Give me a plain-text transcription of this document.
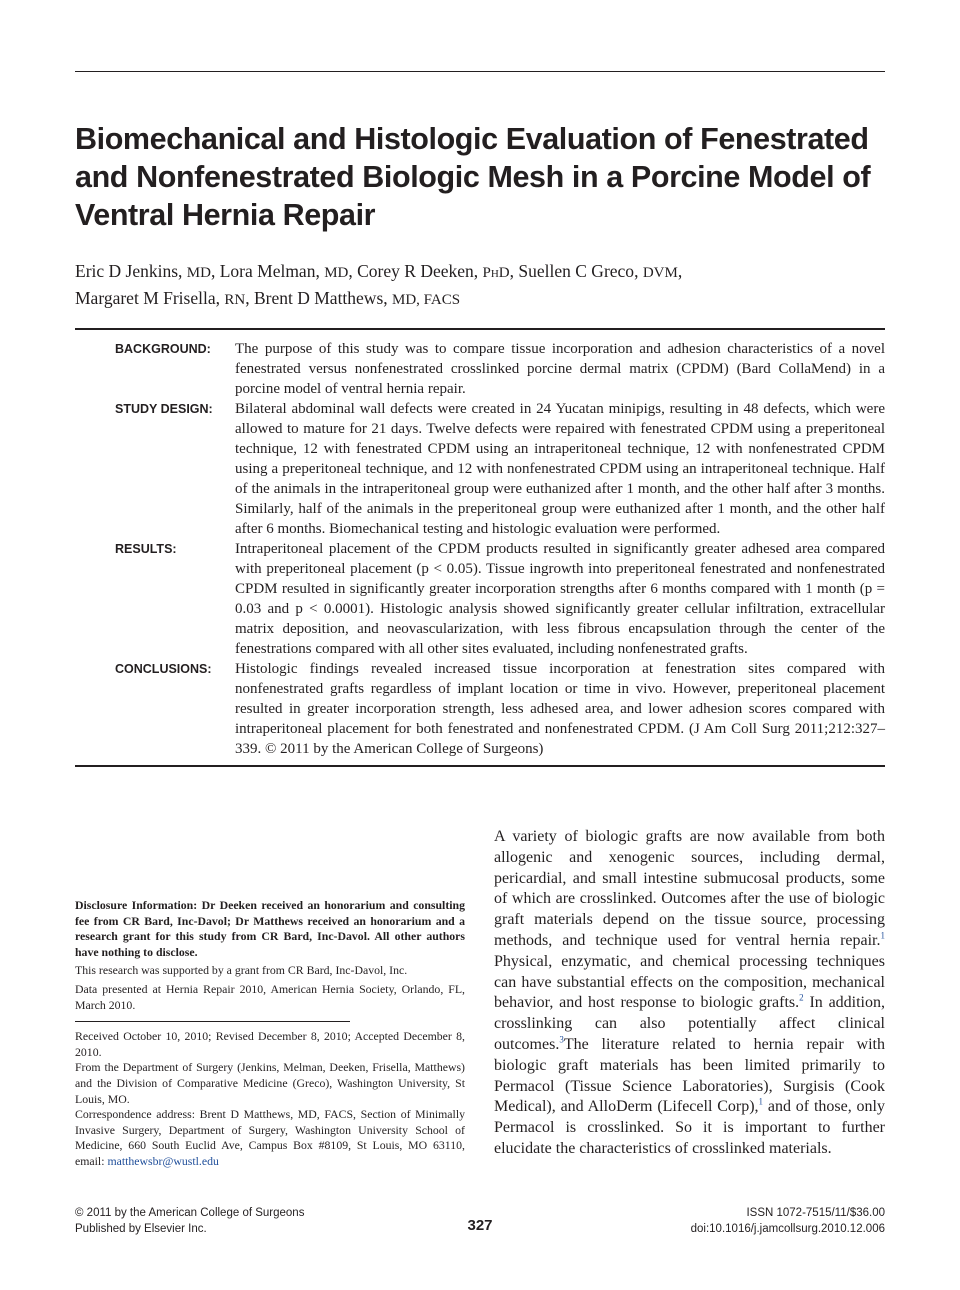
Biomechanical and Histologic Evaluation of Fenestrated and Nonfenestrated Biologic Mesh in a Porcine Model of Ventral Hernia Repair
Eric D Jenkins, MD, Lora Melman, MD, Corey R Deeken, PhD, Suellen C Greco, DVM,
Margaret M Frisella, RN, Brent D Matthews, MD, FACS
BACKGROUND:	The purpose of this study was to compare tissue incorporation and adhesion characteristics of a novel fenestrated versus nonfenestrated crosslinked porcine dermal matrix (CPDM) (Bard CollaMend) in a porcine model of ventral hernia repair.
STUDY DESIGN:	Bilateral abdominal wall defects were created in 24 Yucatan minipigs, resulting in 48 defects, which were allowed to mature for 21 days. Twelve defects were repaired with fenestrated CPDM using a preperitoneal technique, 12 with fenestrated CPDM using an intraperitoneal technique, 12 with nonfenestrated CPDM using a preperitoneal technique, and 12 with nonfenestrated CPDM using an intraperitoneal technique. Half of the animals in the intraperitoneal group were euthanized after 1 month, and the other half after 3 months. Similarly, half of the animals in the preperitoneal group were euthanized after 1 month, and the other half after 6 months. Biomechanical testing and histologic evaluation were performed.
RESULTS:	Intraperitoneal placement of the CPDM products resulted in significantly greater adhesed area compared with preperitoneal placement (p < 0.05). Tissue ingrowth into preperitoneal fenestrated and nonfenestrated CPDM resulted in significantly greater incorporation strengths after 6 months compared with 1 month (p = 0.03 and p < 0.0001). Histologic analysis showed significantly greater cellular infiltration, extracellular matrix deposition, and neovascularization, with less fibrous encapsulation through the center of the fenestrations compared with all other sites evaluated, including nonfenestrated grafts.
CONCLUSIONS:	Histologic findings revealed increased tissue incorporation at fenestration sites compared with nonfenestrated grafts regardless of implant location or time in vivo. However, preperitoneal placement resulted in greater incorporation strength, less adhesed area, and lower adhesion scores compared with intraperitoneal placement for both fenestrated and nonfenestrated CPDM. (J Am Coll Surg 2011;212:327–339. © 2011 by the American College of Surgeons)
Disclosure Information: Dr Deeken received an honorarium and consulting fee from CR Bard, Inc-Davol; Dr Matthews received an honorarium and a research grant for this study from CR Bard, Inc-Davol. All other authors have nothing to disclose.

This research was supported by a grant from CR Bard, Inc-Davol, Inc.

Data presented at Hernia Repair 2010, American Hernia Society, Orlando, FL, March 2010.

Received October 10, 2010; Revised December 8, 2010; Accepted December 8, 2010.
From the Department of Surgery (Jenkins, Melman, Deeken, Frisella, Matthews) and the Division of Comparative Medicine (Greco), Washington University, St Louis, MO.
Correspondence address: Brent D Matthews, MD, FACS, Section of Minimally Invasive Surgery, Department of Surgery, Washington University School of Medicine, 660 South Euclid Ave, Campus Box #8109, St Louis, MO 63110, email: matthewsbr@wustl.edu
A variety of biologic grafts are now available from both allogenic and xenogenic sources, including dermal, pericardial, and small intestine submucosal products, some of which are crosslinked. Outcomes after the use of biologic graft materials depend on the tissue source, processing methods, and technique used for ventral hernia repair.$^1$ Physical, enzymatic, and chemical processing techniques can have substantial effects on the composition, mechanical behavior, and host response to biologic grafts.$^2$ In addition, crosslinking can also potentially affect clinical outcomes.$^3$The literature related to hernia repair with biologic graft materials has been limited primarily to Permacol (Tissue Science Laboratories), Surgisis (Cook Medical), and AlloDerm (Lifecell Corp),$^1$ and of those, only Permacol is crosslinked. So it is important to further elucidate the characteristics of crosslinked materials.
© 2011 by the American College of Surgeons
Published by Elsevier Inc.	327
ISSN 1072-7515/11/$36.00
doi:10.1016/j.jamcollsurg.2010.12.006
